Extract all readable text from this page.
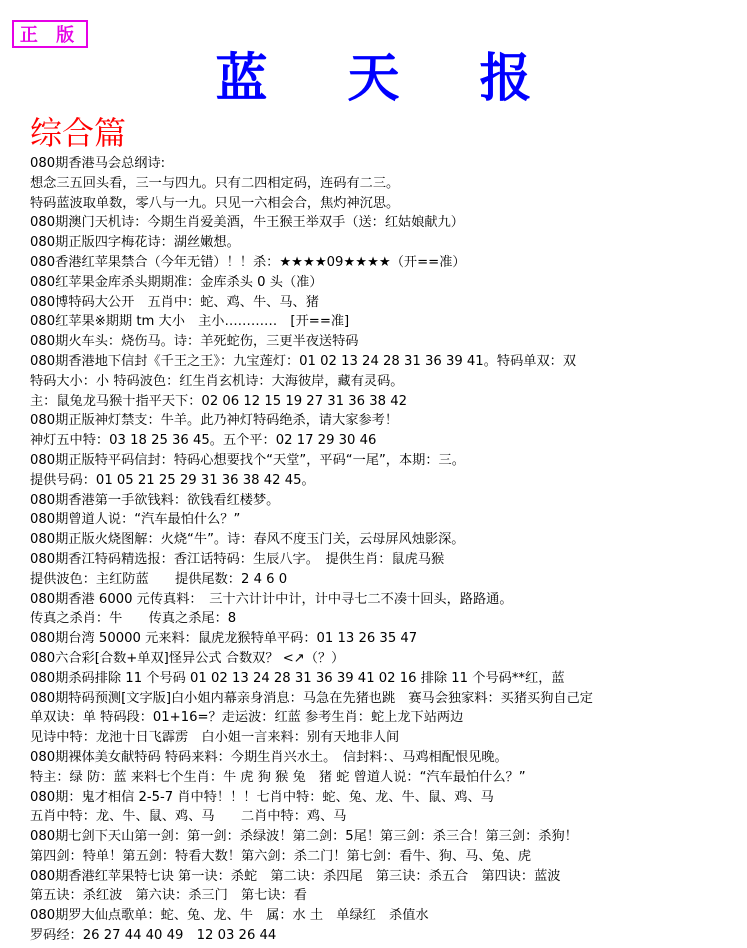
正 版
蓝 天 报
综合篇
080期香港马会总纲诗:
想念三五回头看，三一与四九。只有二四相定码，连码有二三。
特码蓝波取单数，零八与一九。只见一六相会合，焦灼神沉思。
080期澳门天机诗：今期生肖爱美酒，牛王猴王举双手（送：红姑娘献九）
080期正版四字梅花诗：湖丝嫩想。
080香港红苹果禁合（今年无错）！！杀：★★★★09★★★★（开==准）
080红苹果金库杀头期期准：金库杀头 0 头（准）
080博特码大公开　五肖中：蛇、鸡、牛、马、猪
080红苹果※期期 tm 大小　主小…………　[开==准]
080期火车头：烧伤马。诗：羊死蛇伤，三更半夜送特码
080期香港地下信封《千王之王》：九宝莲灯：01 02 13 24 28 31 36 39 41。特码单双：双
特码大小：小 特码波色：红生肖玄机诗：大海彼岸，藏有灵码。
主：鼠兔龙马猴十指平天下：02 06 12 15 19 27 31 36 38 42
080期正版神灯禁支：牛羊。此乃神灯特码绝杀，请大家参考！
神灯五中特：03 18 25 36 45。五个平：02 17 29 30 46
080期正版特平码信封：特码心想要找个“天堂”，平码“一尾”，本期：三。
提供号码：01 05 21 25 29 31 36 38 42 45。
080期香港第一手欲钱料：欲钱看红楼梦。
080期曾道人说：“汽车最怕什么？”
080期正版火烧图解：火烧“牛”。诗：春风不度玉门关，云母屏风烛影深。
080期香江特码精选报：香江话特码：生辰八字。　提供生肖：鼠虎马猴
提供波色：主红防蓝　　提供尾数：2 4 6 0
080期香港 6000 元传真料：　三十六计计中计，计中寻七二不凑十回头，路路通。
传真之杀肖：牛　　传真之杀尾：8
080期台湾 50000 元来料：鼠虎龙猴特单平码：01 13 26 35 47
080六合彩[合数+单双]怪异公式 合数双？ <↗（？）
080期杀码排除 11 个号码 01 02 13 24 28 31 36 39 41 02 16 排除 11 个号码**红，蓝
080期特码预测[文字版]白小姐内幕亲身消息：马急在先猪也跳　赛马会独家料：买猪买狗自己定
单双诀：单 特码段：01+16=？走运波：红蓝 参考生肖：蛇上龙下站两边
见诗中特：龙池十日飞霹雳　白小姐一言来料：别有天地非人间
080期裸体美女献特码 特码来料：今期生肖兴水土。　信封料：、马鸡相配恨见晚。
特主：绿 防：蓝 来料七个生肖：牛 虎 狗 猴 兔　猪 蛇 曾道人说：“汽车最怕什么？”
080期：鬼才相信 2-5-7 肖中特！！！七肖中特：蛇、兔、龙、牛、鼠、鸡、马
五肖中特：龙、牛、鼠、鸡、马　　二肖中特：鸡、马
080期七剑下天山第一剑：第一剑：杀绿波！第二剑：5尾！第三剑：杀三合！第三剑：杀狗！
第四剑：特单！第五剑：特看大数！第六剑：杀二门！第七剑：看牛、狗、马、兔、虎
080期香港红苹果特七诀 第一诀：杀蛇　第二诀：杀四尾　第三诀：杀五合　第四诀：蓝波
第五诀：杀红波　第六诀：杀三门　第七诀：看
080期罗大仙点歌单：蛇、兔、龙、牛　属：水 土　单绿红　杀值水
罗码经：26 27 44 40 49　12 03 26 44
